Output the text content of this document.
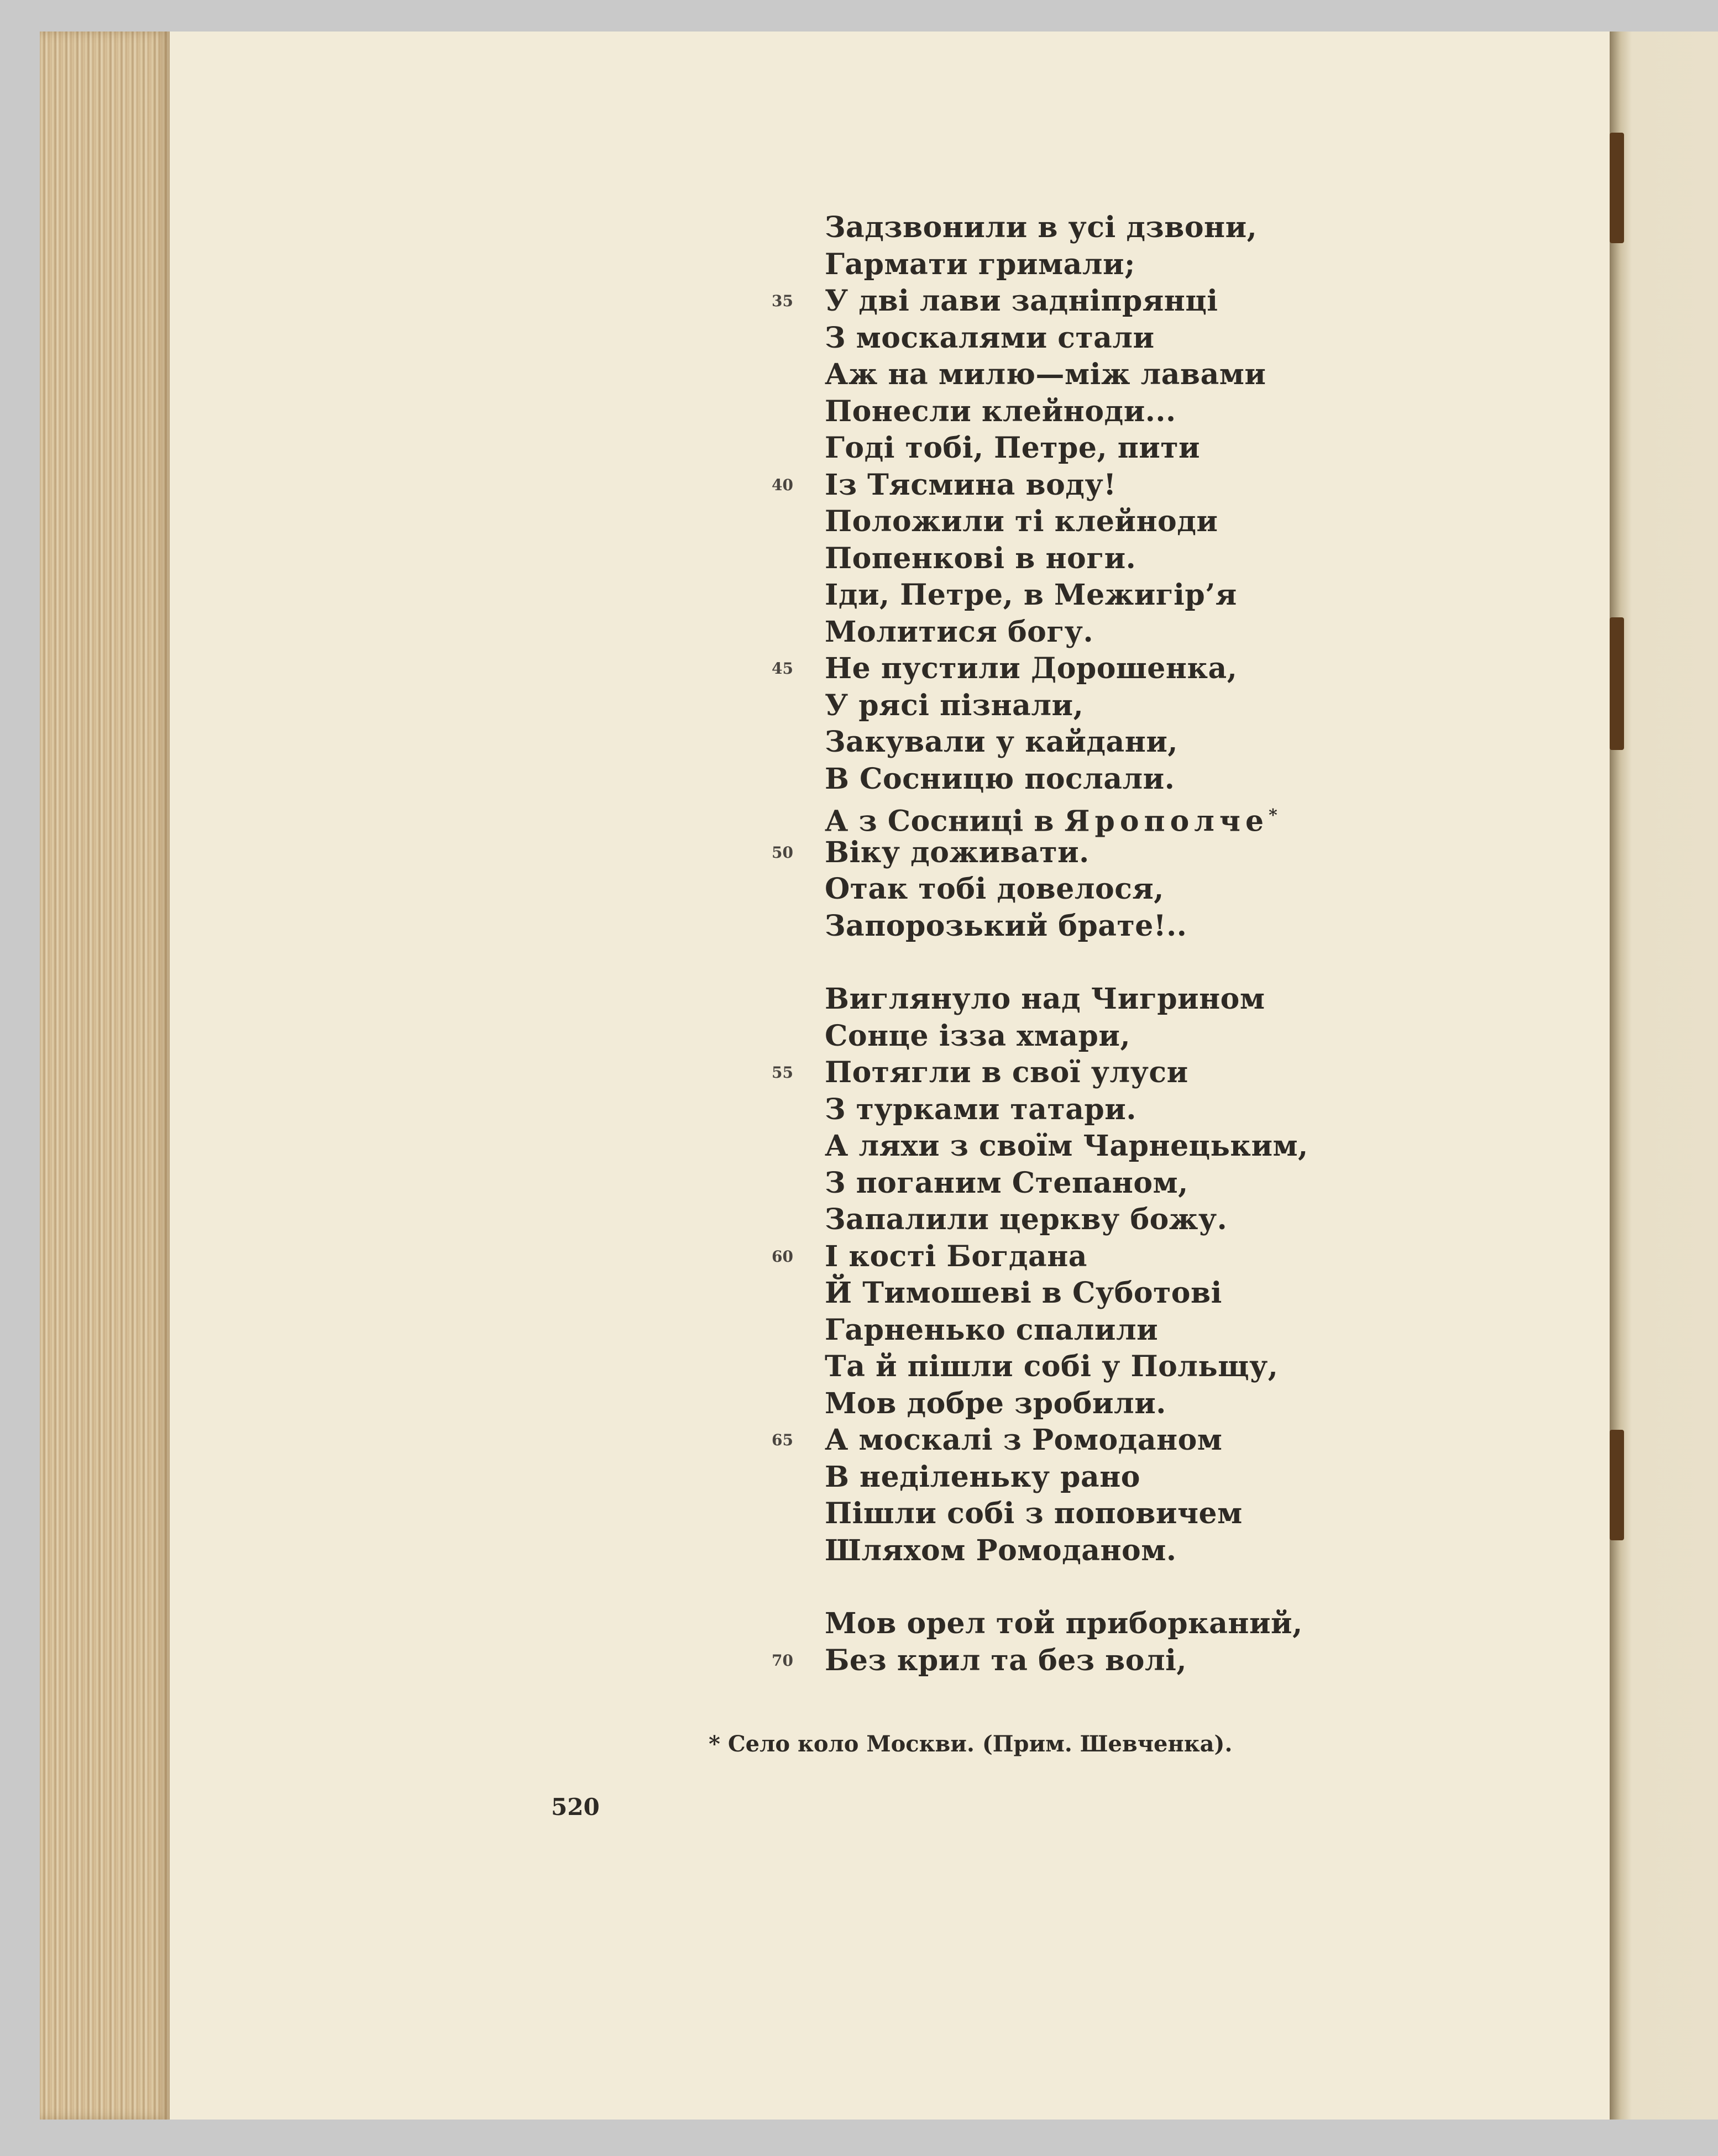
Задзвонили в усі дзвони,
Гармати гримали;
У дві лави задніпрянці
35
З москалями стали
Аж на милю—між лавами
Понесли клейноди...
Годі тобі, Петре, пити
Із Тясмина воду!
40
Положили ті клейноди
Попенкові в ноги.
Іди, Петре, в Межигір’я
Молитися богу.
Не пустили Дорошенка,
45
У рясі пізнали,
Закували у кайдани,
В Сосницю послали.
А з Сосниці в Ярополче*
Віку доживати.
50
Отак тобі довелося,
Запорозький брате!..
Виглянуло над Чигрином
Сонце ізза хмари,
Потягли в свої улуси
55
З турками татари.
А ляхи з своїм Чарнецьким,
З поганим Степаном,
Запалили церкву божу.
І кості Богдана
60
Й Тимошеві в Суботові
Гарненько спалили
Та й пішли собі у Польщу,
Мов добре зробили.
А москалі з Ромоданом
65
В неділеньку рано
Пішли собі з поповичем
Шляхом Ромоданом.
Мов орел той приборканий,
Без крил та без волі,
70
* Село коло Москви. (Прим. Шевченка).
520
